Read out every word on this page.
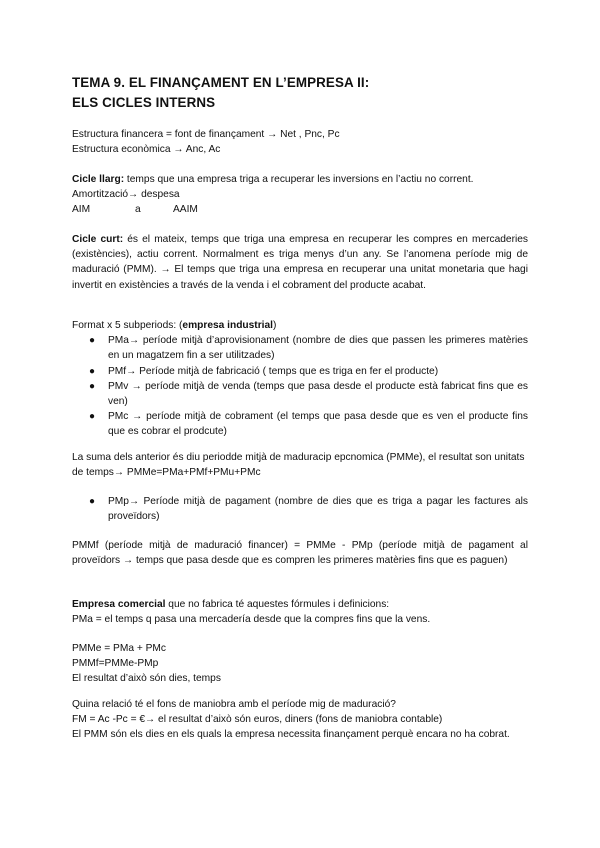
TEMA 9. EL FINANÇAMENT EN L’EMPRESA II:
ELS CICLES INTERNS
Estructura financera = font de finançament → Net , Pnc, Pc
Estructura econòmica → Anc, Ac
Cicle llarg: temps que una empresa triga a recuperar les inversions en l’actiu no corrent.
Amortització→ despesa
AIM	a	AAIM
Cicle curt: és el mateix, temps que triga una empresa en recuperar les compres en mercaderies (existències), actiu corrent. Normalment es triga menys d’un any. Se l’anomena període mig de maduració (PMM). → El temps que triga una empresa en recuperar una unitat monetaria que hagi invertit en existències a través de la venda i el cobrament del producte acabat.
Format x 5 subperiods: (empresa industrial)
● PMa→ període mitjà d’aprovisionament (nombre de dies que passen les primeres matèries en un magatzem fin a ser utilitzades)
● PMf→ Període mitjà de fabricació ( temps que es triga en fer el producte)
● PMv → període mitjà de venda (temps que pasa desde el producte està fabricat fins que es ven)
● PMc → període mitjà de cobrament (el temps que pasa desde que es ven el producte fins que es cobrar el prodcute)
La suma dels anterior és diu periodde mitjà de maduracip epcnomica (PMMe), el resultat son unitats de temps→ PMMe=PMa+PMf+PMu+PMc
● PMp→ Període mitjà de pagament (nombre de dies que es triga a pagar les factures als proveïdors)
PMMf (període mitjà de maduració financer) = PMMe - PMp (període mitjà de pagament al proveïdors → temps que pasa desde que es compren les primeres matèries fins que es paguen)
Empresa comercial que no fabrica té aquestes fórmules i definicions:
PMa = el temps q pasa una mercadería desde que la compres fins que la vens.
PMMe = PMa + PMc
PMMf=PMMe-PMp
El resultat d’això són dies, temps
Quina relació té el fons de maniobra amb el període mig de maduració?
FM = Ac -Pc = €→ el resultat d’això són euros, diners (fons de maniobra contable)
El PMM són els dies en els quals la empresa necessita finançament perquè encara no ha cobrat.
